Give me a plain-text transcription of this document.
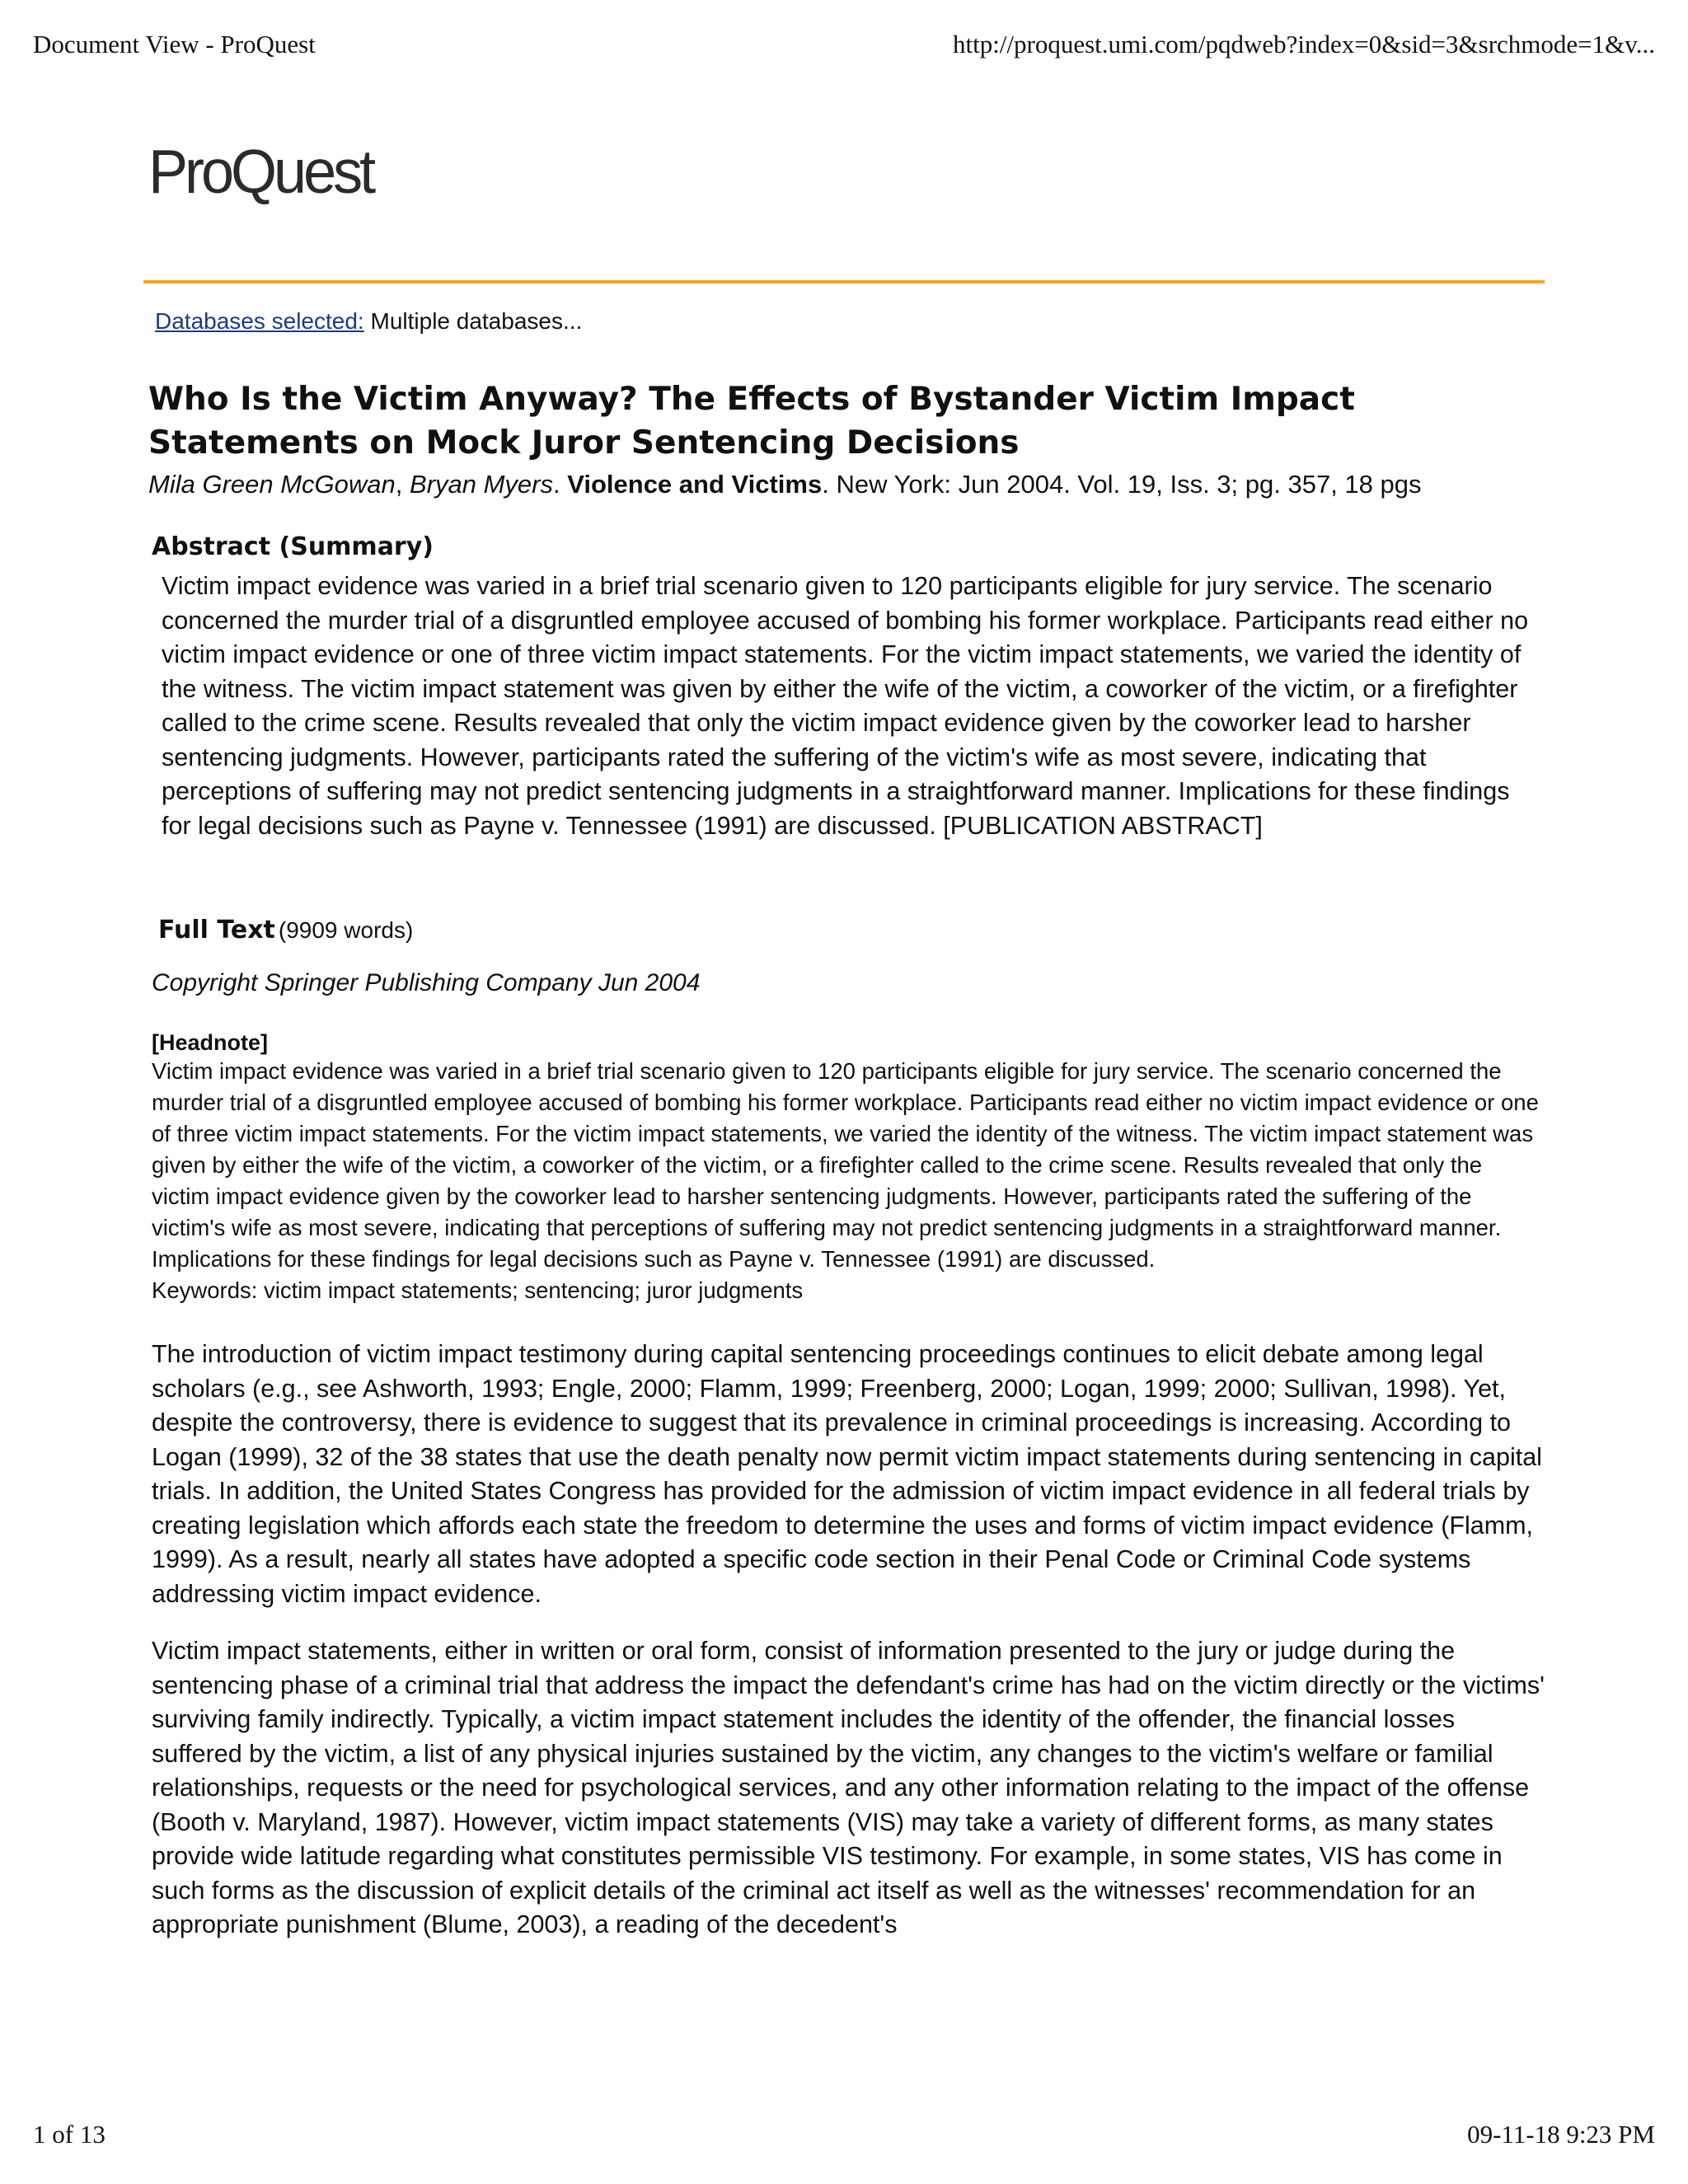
Document View - ProQuest	http://proquest.umi.com/pqdweb?index=0&sid=3&srchmode=1&v...
ProQuest
Databases selected: Multiple databases...
Who Is the Victim Anyway? The Effects of Bystander Victim Impact Statements on Mock Juror Sentencing Decisions
Mila Green McGowan, Bryan Myers. Violence and Victims. New York: Jun 2004. Vol. 19, Iss. 3; pg. 357, 18 pgs
Abstract (Summary)
Victim impact evidence was varied in a brief trial scenario given to 120 participants eligible for jury service. The scenario concerned the murder trial of a disgruntled employee accused of bombing his former workplace. Participants read either no victim impact evidence or one of three victim impact statements. For the victim impact statements, we varied the identity of the witness. The victim impact statement was given by either the wife of the victim, a coworker of the victim, or a firefighter called to the crime scene. Results revealed that only the victim impact evidence given by the coworker lead to harsher sentencing judgments. However, participants rated the suffering of the victim's wife as most severe, indicating that perceptions of suffering may not predict sentencing judgments in a straightforward manner. Implications for these findings for legal decisions such as Payne v. Tennessee (1991) are discussed. [PUBLICATION ABSTRACT]
Full Text (9909 words)
Copyright Springer Publishing Company Jun 2004
[Headnote]
Victim impact evidence was varied in a brief trial scenario given to 120 participants eligible for jury service. The scenario concerned the murder trial of a disgruntled employee accused of bombing his former workplace. Participants read either no victim impact evidence or one of three victim impact statements. For the victim impact statements, we varied the identity of the witness. The victim impact statement was given by either the wife of the victim, a coworker of the victim, or a firefighter called to the crime scene. Results revealed that only the victim impact evidence given by the coworker lead to harsher sentencing judgments. However, participants rated the suffering of the victim's wife as most severe, indicating that perceptions of suffering may not predict sentencing judgments in a straightforward manner. Implications for these findings for legal decisions such as Payne v. Tennessee (1991) are discussed.
Keywords: victim impact statements; sentencing; juror judgments
The introduction of victim impact testimony during capital sentencing proceedings continues to elicit debate among legal scholars (e.g., see Ashworth, 1993; Engle, 2000; Flamm, 1999; Freenberg, 2000; Logan, 1999; 2000; Sullivan, 1998). Yet, despite the controversy, there is evidence to suggest that its prevalence in criminal proceedings is increasing. According to Logan (1999), 32 of the 38 states that use the death penalty now permit victim impact statements during sentencing in capital trials. In addition, the United States Congress has provided for the admission of victim impact evidence in all federal trials by creating legislation which affords each state the freedom to determine the uses and forms of victim impact evidence (Flamm, 1999). As a result, nearly all states have adopted a specific code section in their Penal Code or Criminal Code systems addressing victim impact evidence.
Victim impact statements, either in written or oral form, consist of information presented to the jury or judge during the sentencing phase of a criminal trial that address the impact the defendant's crime has had on the victim directly or the victims' surviving family indirectly. Typically, a victim impact statement includes the identity of the offender, the financial losses suffered by the victim, a list of any physical injuries sustained by the victim, any changes to the victim's welfare or familial relationships, requests or the need for psychological services, and any other information relating to the impact of the offense (Booth v. Maryland, 1987). However, victim impact statements (VIS) may take a variety of different forms, as many states provide wide latitude regarding what constitutes permissible VIS testimony. For example, in some states, VIS has come in such forms as the discussion of explicit details of the criminal act itself as well as the witnesses' recommendation for an appropriate punishment (Blume, 2003), a reading of the decedent's
1 of 13	09-11-18 9:23 PM
